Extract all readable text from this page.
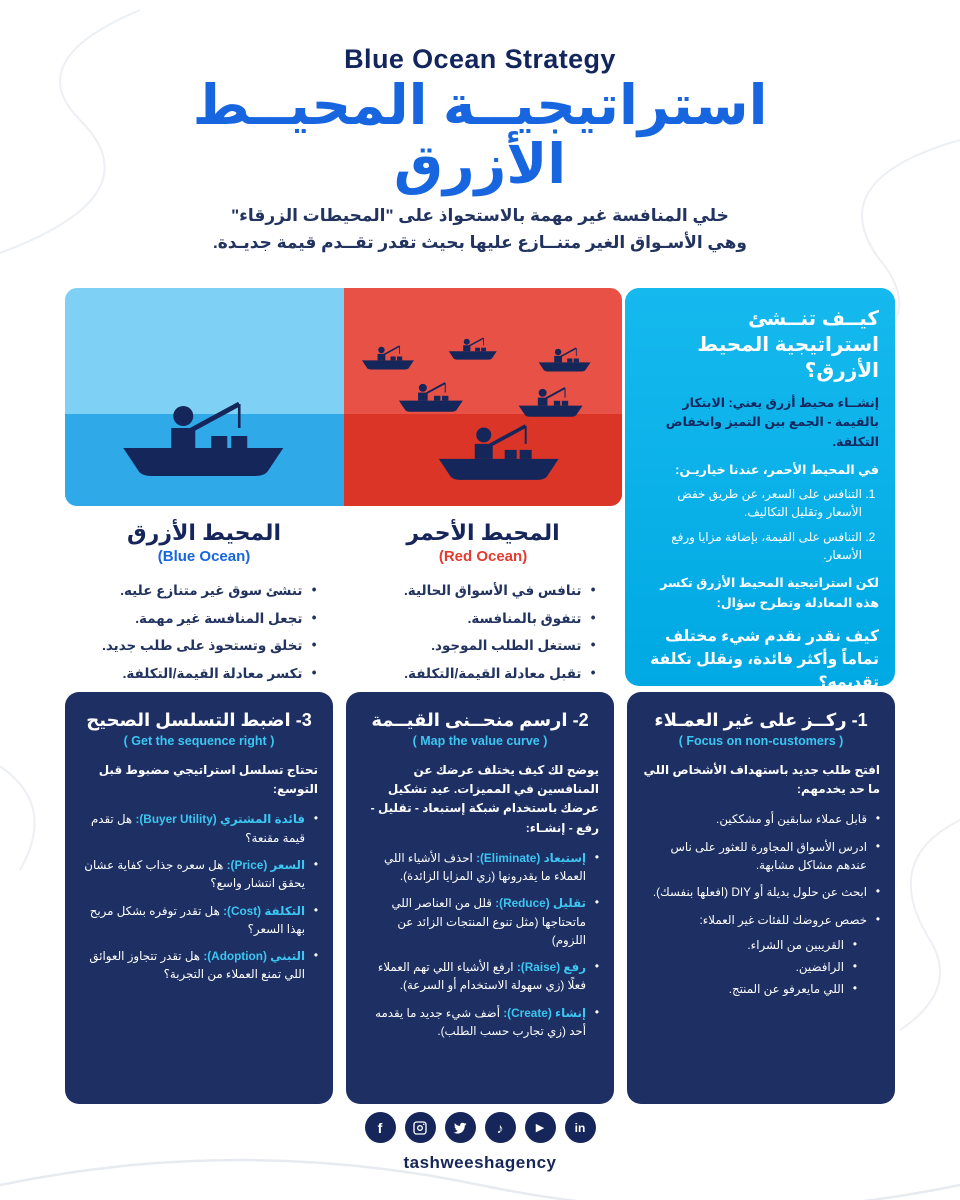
Blue Ocean Strategy
استراتيجيــة المحيــط
الأزرق
خلي المنافسة غير مهمة بالاستحواذ على "المحيطات الزرقاء"
وهي الأسـواق الغير متنــازع عليها بحيث تقدر تقــدم قيمة جديـدة.
المحيط الأزرق
(Blue Ocean)
• تنشئ سوق غير متنازع عليه.
• تجعل المنافسة غير مهمة.
• تخلق وتستحوذ على طلب جديد.
• تكسر معادلة القيمة/التكلفة.
المحيط الأحمر
(Red Ocean)
• تنافس في الأسواق الحالية.
• تتفوق بالمنافسة.
• تستغل الطلب الموجود.
• تقبل معادلة القيمة/التكلفة.
كيــف تنــشئ استراتيجية المحيط الأزرق؟
إنشــاء محيط أزرق يعني: الابتكار بالقيمة - الجمع بين التميز وانخفاض التكلفة.
في المحيط الأحمر، عندنا خياريـن:
1. التنافس على السعر، عن طريق خفض الأسعار وتقليل التكاليف.
2. التنافس على القيمة، بإضافة مزايا ورفع الأسعار.
لكن استراتيجية المحيط الأزرق تكسر هذه المعادلة وتطرح سؤال:
كيف نقدر نقدم شيء مختلف تماماً وأكثر فائدة، ونقلل تكلفة تقديمه؟
1- ركــز على غير العمـلاء
( Focus on non-customers )
افتح طلب جديد باستهداف الأشخاص اللي ما حد يخدمهم:
• قابل عملاء سابقين أو مشككين.
• ادرس الأسواق المجاورة للعثور على ناس عندهم مشاكل مشابهة.
• ابحث عن حلول بديلة أو DIY (افعلها بنفسك).
• خصص عروضك للفئات غير العملاء:
• القريبين من الشراء.
• الرافضين.
• اللي مايعرفو عن المنتج.
2- ارسم منحــنى القيــمة
( Map the value curve )
يوضح لك كيف يختلف عرضك عن المنافسين في المميزات. عيد تشكيل عرضك باستخدام شبكة إستبعاد - تقليل - رفع - إنشـاء:
• إستبعاد (Eliminate): احذف الأشياء اللي العملاء ما يقدرونها (زي المزايا الزائدة).
• تقليل (Reduce): قلل من العناصر اللي ماتحتاجها (مثل تنوع المنتجات الزائد عن اللزوم)
• رفع (Raise): ارفع الأشياء اللي تهم العملاء فعلًا (زي سهولة الاستخدام أو السرعة).
• إنشاء (Create): أضف شيء جديد ما يقدمه أحد (زي تجارب حسب الطلب).
3- اضبط التسلسل الصحيح
( Get the sequence right )
تحتاج تسلسل استراتيجي مضبوط قبل التوسع:
• فائدة المشتري (Buyer Utility): هل تقدم قيمة مقنعة؟
• السعر (Price): هل سعره جذاب كفاية عشان يحقق انتشار واسع؟
• التكلفة (Cost): هل تقدر توفره بشكل مربح بهذا السعر؟
• التبني (Adoption): هل تقدر تتجاوز العوائق اللي تمنع العملاء من التجربة؟
f	♪	▶	in
tashweeshagency
